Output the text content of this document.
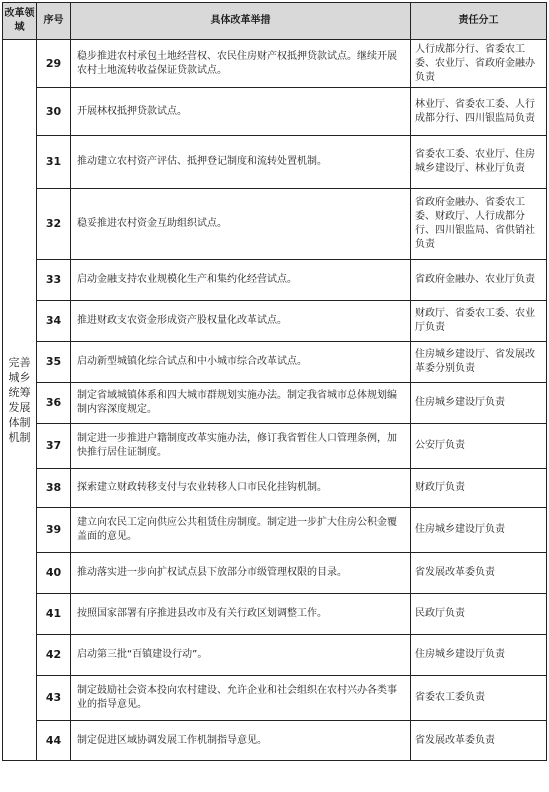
改革领域	序号	具体改革举措	责任分工
完善城乡统筹发展体制机制	29	稳步推进农村承包土地经营权、农民住房财产权抵押贷款试点。继续开展农村土地流转收益保证贷款试点。	人行成都分行、省委农工委、农业厅、省政府金融办负责
	30	开展林权抵押贷款试点。	林业厅、省委农工委、人行成都分行、四川银监局负责
	31	推动建立农村资产评估、抵押登记制度和流转处置机制。	省委农工委、农业厅、住房城乡建设厅、林业厅负责
	32	稳妥推进农村资金互助组织试点。	省政府金融办、省委农工委、财政厅、人行成都分行、四川银监局、省供销社负责
	33	启动金融支持农业规模化生产和集约化经营试点。	省政府金融办、农业厅负责
	34	推进财政支农资金形成资产股权量化改革试点。	财政厅、省委农工委、农业厅负责
	35	启动新型城镇化综合试点和中小城市综合改革试点。	住房城乡建设厅、省发展改革委分别负责
	36	制定省域城镇体系和四大城市群规划实施办法。制定我省城市总体规划编制内容深度规定。	住房城乡建设厅负责
	37	制定进一步推进户籍制度改革实施办法，修订我省暂住人口管理条例，加快推行居住证制度。	公安厅负责
	38	探索建立财政转移支付与农业转移人口市民化挂钩机制。	财政厅负责
	39	建立向农民工定向供应公共租赁住房制度。制定进一步扩大住房公积金覆盖面的意见。	住房城乡建设厅负责
	40	推动落实进一步向扩权试点县下放部分市级管理权限的目录。	省发展改革委负责
	41	按照国家部署有序推进县改市及有关行政区划调整工作。	民政厅负责
	42	启动第三批“百镇建设行动”。	住房城乡建设厅负责
	43	制定鼓励社会资本投向农村建设、允许企业和社会组织在农村兴办各类事业的指导意见。	省委农工委负责
	44	制定促进区域协调发展工作机制指导意见。	省发展改革委负责
